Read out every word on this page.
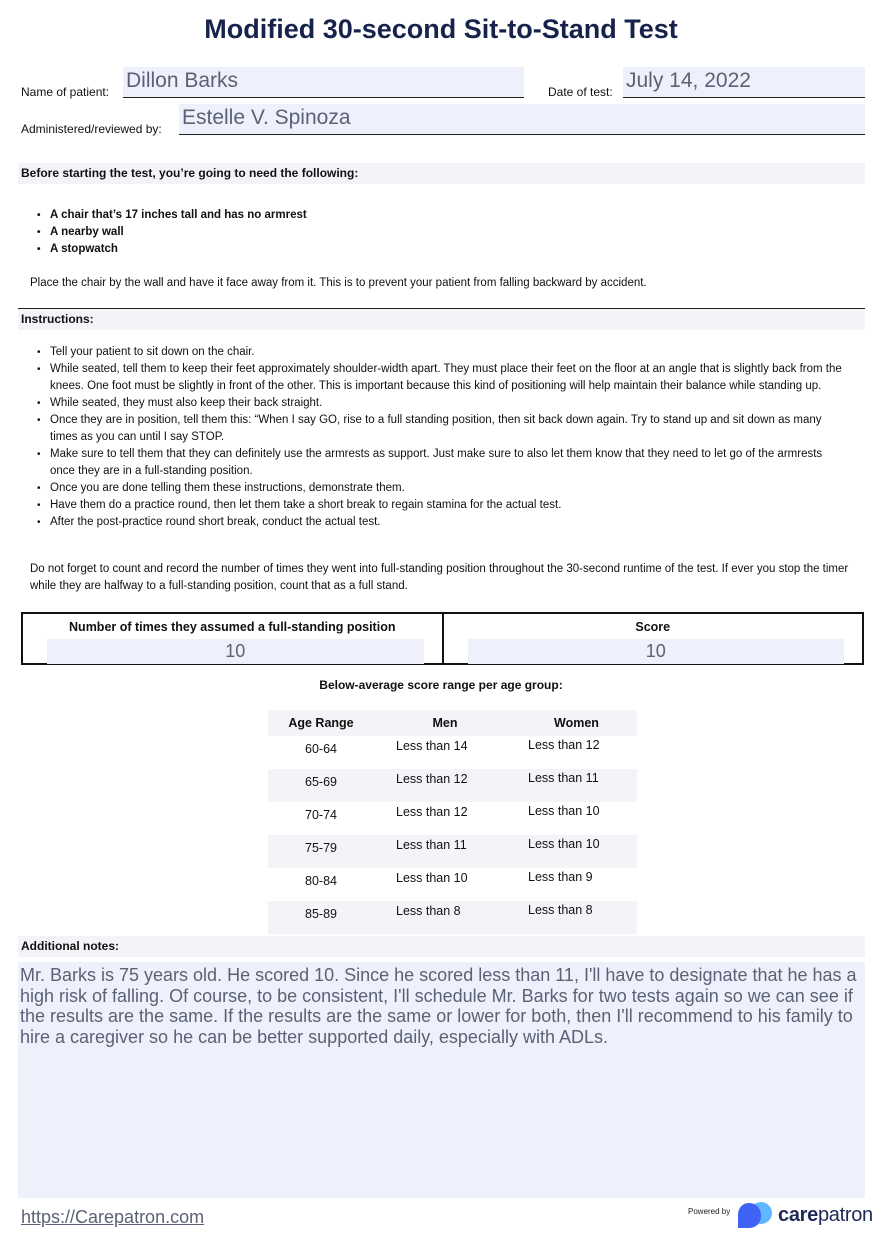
Modified 30-second Sit-to-Stand Test
Name of patient: Dillon Barks	Date of test: July 14, 2022
Administered/reviewed by: Estelle V. Spinoza
Before starting the test, you’re going to need the following:
• A chair that’s 17 inches tall and has no armrest
• A nearby wall
• A stopwatch
Place the chair by the wall and have it face away from it. This is to prevent your patient from falling backward by accident.
Instructions:
• Tell your patient to sit down on the chair.
• While seated, tell them to keep their feet approximately shoulder-width apart. They must place their feet on the floor at an angle that is slightly back from the knees. One foot must be slightly in front of the other. This is important because this kind of positioning will help maintain their balance while standing up.
• While seated, they must also keep their back straight.
• Once they are in position, tell them this: “When I say GO, rise to a full standing position, then sit back down again. Try to stand up and sit down as many times as you can until I say STOP.
• Make sure to tell them that they can definitely use the armrests as support. Just make sure to also let them know that they need to let go of the armrests once they are in a full-standing position.
• Once you are done telling them these instructions, demonstrate them.
• Have them do a practice round, then let them take a short break to regain stamina for the actual test.
• After the post-practice round short break, conduct the actual test.
Do not forget to count and record the number of times they went into full-standing position throughout the 30-second runtime of the test. If ever you stop the timer while they are halfway to a full-standing position, count that as a full stand.
Number of times they assumed a full-standing position
10
Score
10
Below-average score range per age group:
Age Range	Men	Women
60-64	Less than 14	Less than 12
65-69	Less than 12	Less than 11
70-74	Less than 12	Less than 10
75-79	Less than 11	Less than 10
80-84	Less than 10	Less than 9
85-89	Less than 8	Less than 8

Additional notes:
Mr. Barks is 75 years old. He scored 10. Since he scored less than 11, I'll have to designate that he has a high risk of falling. Of course, to be consistent, I'll schedule Mr. Barks for two tests again so we can see if the results are the same. If the results are the same or lower for both, then I'll recommend to his family to hire a caregiver so he can be better supported daily, especially with ADLs.
https://Carepatron.com	Powered by carepatron
